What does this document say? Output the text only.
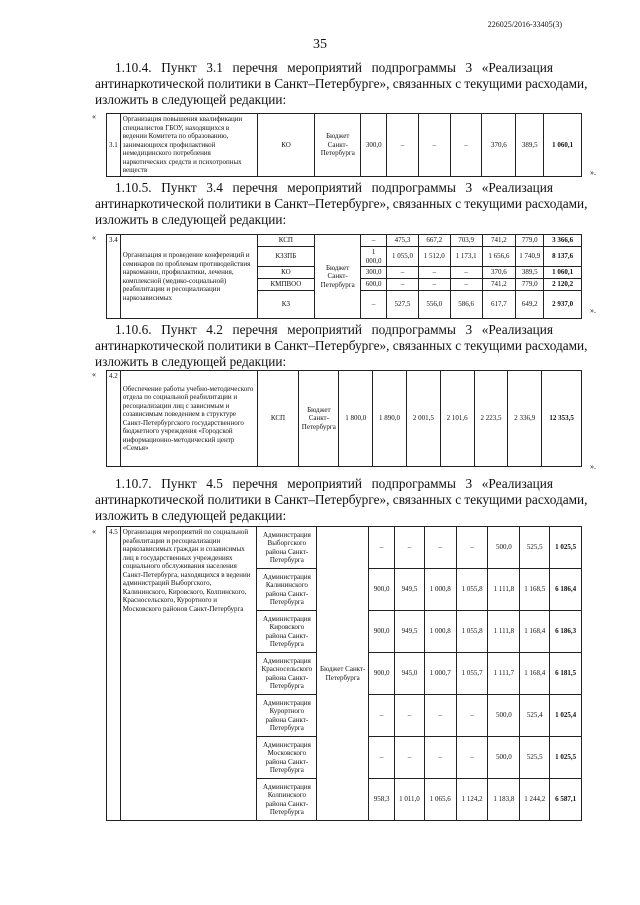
226025/2016-33405(3)
35
1.10.4. Пункт 3.1 перечня мероприятий подпрограммы 3 «Реализация
антинаркотической политики в Санкт–Петербурге», связанных с текущими расходами,
изложить в следующей редакции:
«
3.1	Организация повышения квалификации специалистов ГБОУ, находящихся в ведении Комитета по образованию, занимающихся профилактикой немедицинского потребления наркотических средств и психотропных веществ	КО	Бюджет Санкт-Петербурга	300,0	–	–	–	370,6	389,5	1 060,1
».
1.10.5. Пункт 3.4 перечня мероприятий подпрограммы 3 «Реализация
антинаркотической политики в Санкт–Петербурге», связанных с текущими расходами,
изложить в следующей редакции:
« 3.4	Организация и проведение конференций и семинаров по проблемам противодействия наркомании, профилактики, лечения, комплексной (медико-социальной) реабилитации и ресоциализации наркозависимых	КСП	Бюджет Санкт-Петербурга	–	475,3	667,2	703,9	741,2	779,0	3 366,6
		КЗЗПБ		1 000,0	1 055,0	1 512,0	1 173,1	1 656,6	1 740,9	8 137,6
		КО		300,0	–	–	–	370,6	389,5	1 060,1
		КМПВОО		600,0	–	–	–	741,2	779,0	2 120,2
		КЗ		–	527,5	556,0	586,6	617,7	649,2	2 937,0
».
1.10.6. Пункт 4.2 перечня мероприятий подпрограммы 3 «Реализация
антинаркотической политики в Санкт–Петербурге», связанных с текущими расходами,
изложить в следующей редакции:
« 4.2	Обеспечение работы учебно-методического отдела по социальной реабилитации и ресоциализации лиц с зависимым и созависимым поведением в структуре Санкт-Петербургского государственного бюджетного учреждения «Городской информационно-методический центр «Семья»	КСП	Бюджет Санкт-Петербурга	1 800,0	1 890,0	2 001,5	2 101,6	2 223,5	2 336,9	12 353,5
».
1.10.7. Пункт 4.5 перечня мероприятий подпрограммы 3 «Реализация
антинаркотической политики в Санкт–Петербурге», связанных с текущими расходами,
изложить в следующей редакции:
« 4.5	Организация мероприятий по социальной реабилитации и ресоциализации наркозависимых граждан и созависимых лиц в государственных учреждениях социального обслуживания населения Санкт-Петербурга, находящихся в ведении администраций Выборгского, Калининского, Кировского, Колпинского, Красносельского, Курортного и Московского районов Санкт-Петербурга	Администрация Выборгского района Санкт-Петербурга	Бюджет Санкт-Петербурга	–	–	–	–	500,0	525,5	1 025,5
		Администрация Калининского района Санкт-Петербурга		900,0	949,5	1 000,8	1 055,8	1 111,8	1 168,5	6 186,4
		Администрация Кировского района Санкт-Петербурга		900,0	949,5	1 000,8	1 055,8	1 111,8	1 168,4	6 186,3
		Администрация Красносельского района Санкт-Петербурга		900,0	945,0	1 000,7	1 055,7	1 111,7	1 168,4	6 181,5
		Администрация Курортного района Санкт-Петербурга		–	–	–	–	500,0	525,4	1 025,4
		Администрация Московского района Санкт-Петербурга		–	–	–	–	500,0	525,5	1 025,5
		Администрация Колпинского района Санкт-Петербурга		958,3	1 011,0	1 065,6	1 124,2	1 183,8	1 244,2	6 587,1
